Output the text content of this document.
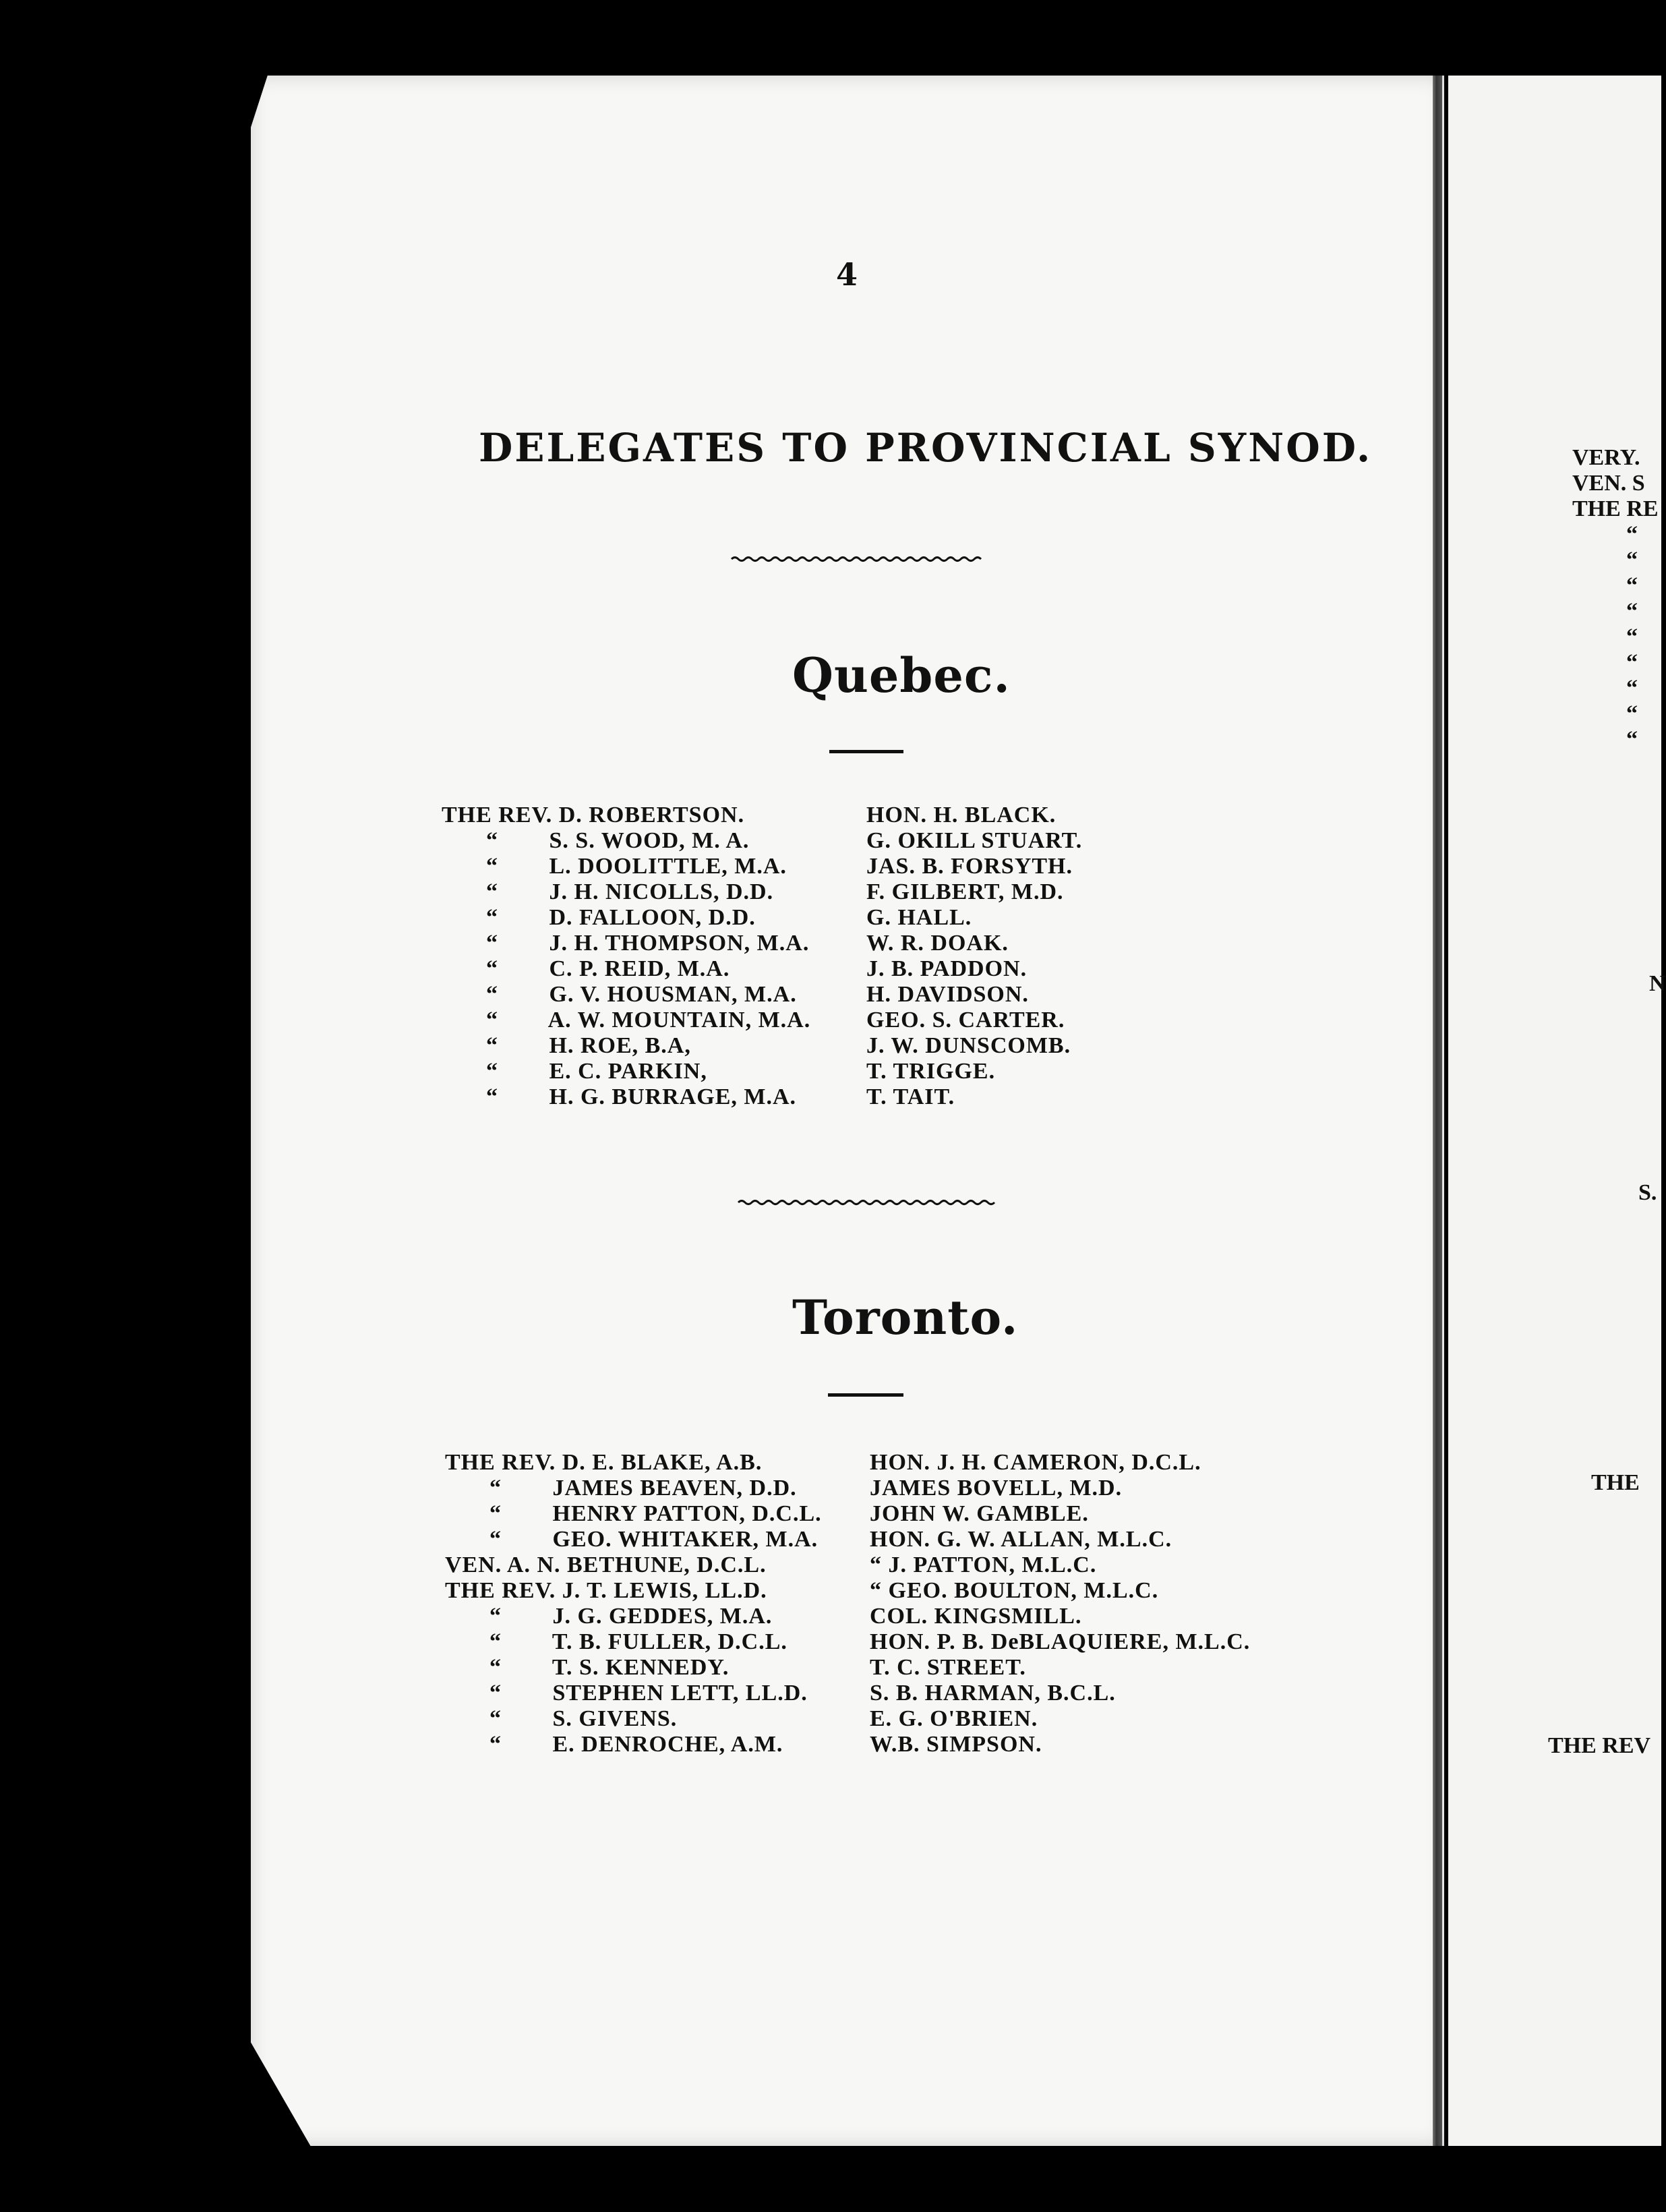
4
DELEGATES TO PROVINCIAL SYNOD.
Quebec.
THE REV. D. ROBERTSON.
“ S. S. WOOD, M. A.
“ L. DOOLITTLE, M.A.
“ J. H. NICOLLS, D.D.
“ D. FALLOON, D.D.
“ J. H. THOMPSON, M.A.
“ C. P. REID, M.A.
“ G. V. HOUSMAN, M.A.
“ A. W. MOUNTAIN, M.A.
“ H. ROE, B.A,
“ E. C. PARKIN,
“ H. G. BURRAGE, M.A.
HON. H. BLACK.
G. OKILL STUART.
JAS. B. FORSYTH.
F. GILBERT, M.D.
G. HALL.
W. R. DOAK.
J. B. PADDON.
H. DAVIDSON.
GEO. S. CARTER.
J. W. DUNSCOMB.
T. TRIGGE.
T. TAIT.
Toronto.
THE REV. D. E. BLAKE, A.B.
“ JAMES BEAVEN, D.D.
“ HENRY PATTON, D.C.L.
“ GEO. WHITAKER, M.A.
VEN. A. N. BETHUNE, D.C.L.
THE REV. J. T. LEWIS, LL.D.
“ J. G. GEDDES, M.A.
“ T. B. FULLER, D.C.L.
“ T. S. KENNEDY.
“ STEPHEN LETT, LL.D.
“ S. GIVENS.
“ E. DENROCHE, A.M.
HON. J. H. CAMERON, D.C.L.
JAMES BOVELL, M.D.
JOHN W. GAMBLE.
HON. G. W. ALLAN, M.L.C.
“ J. PATTON, M.L.C.
“ GEO. BOULTON, M.L.C.
COL. KINGSMILL.
HON. P. B. DeBLAQUIERE, M.L.C.
T. C. STREET.
S. B. HARMAN, B.C.L.
E. G. O'BRIEN.
W.B. SIMPSON.
VERY.
VEN. S
THE RE
“
“
“
“
“
“
“
“
“
N
S.
THE
THE REV
